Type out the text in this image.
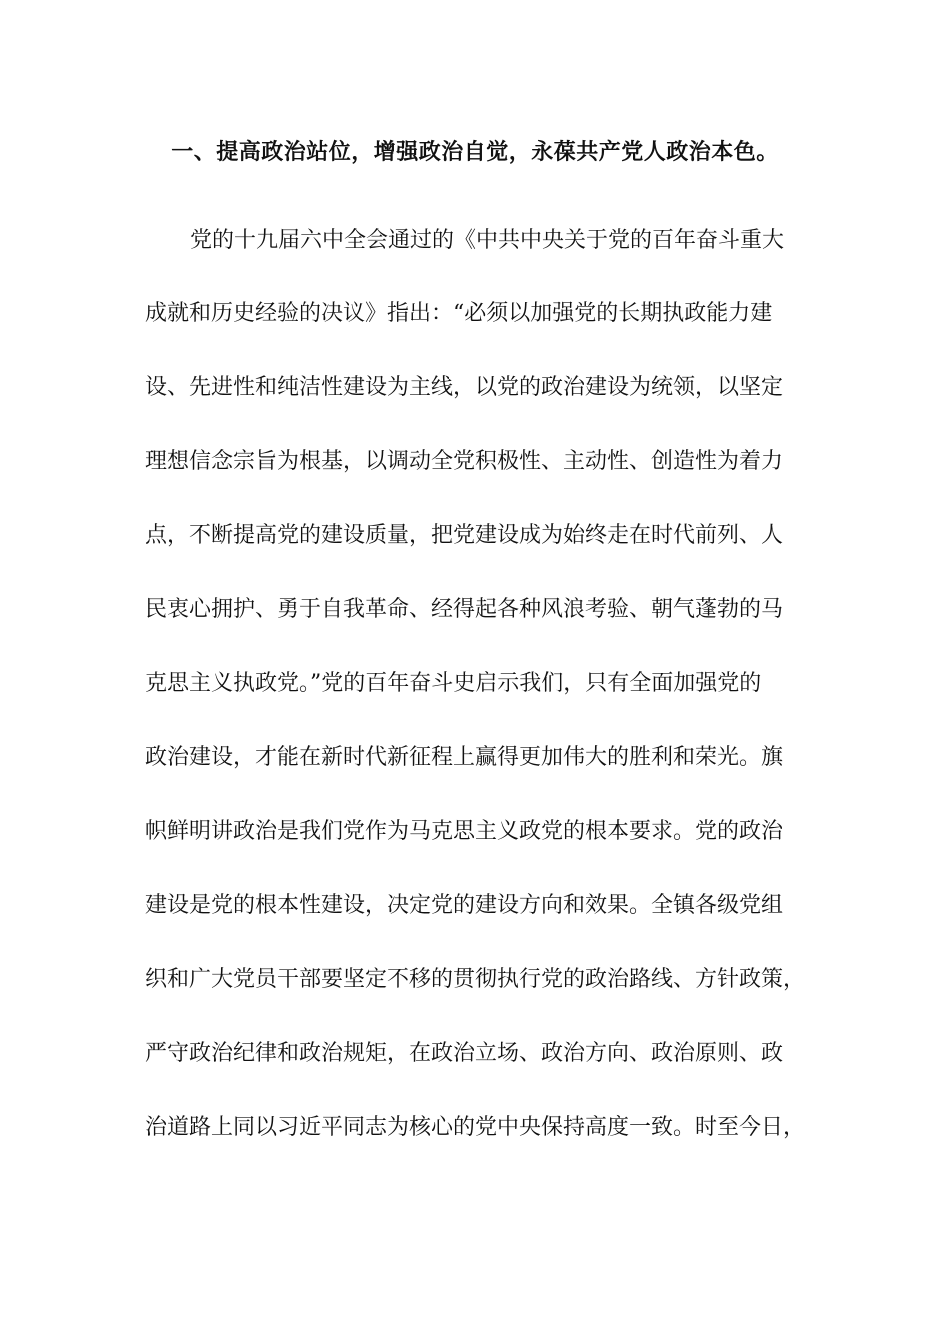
一、提高政治站位，增强政治自觉，永葆共产党人政治本色。
党的十九届六中全会通过的《中共中央关于党的百年奋斗重大
成就和历史经验的决议》指出：“必须以加强党的长期执政能力建
设、先进性和纯洁性建设为主线，以党的政治建设为统领，以坚定
理想信念宗旨为根基，以调动全党积极性、主动性、创造性为着力
点，不断提高党的建设质量，把党建设成为始终走在时代前列、人
民衷心拥护、勇于自我革命、经得起各种风浪考验、朝气蓬勃的马
克思主义执政党。”党的百年奋斗史启示我们，只有全面加强党的
政治建设，才能在新时代新征程上赢得更加伟大的胜利和荣光。旗
帜鲜明讲政治是我们党作为马克思主义政党的根本要求。党的政治
建设是党的根本性建设，决定党的建设方向和效果。全镇各级党组
织和广大党员干部要坚定不移的贯彻执行党的政治路线、方针政策，
严守政治纪律和政治规矩，在政治立场、政治方向、政治原则、政
治道路上同以习近平同志为核心的党中央保持高度一致。时至今日，
